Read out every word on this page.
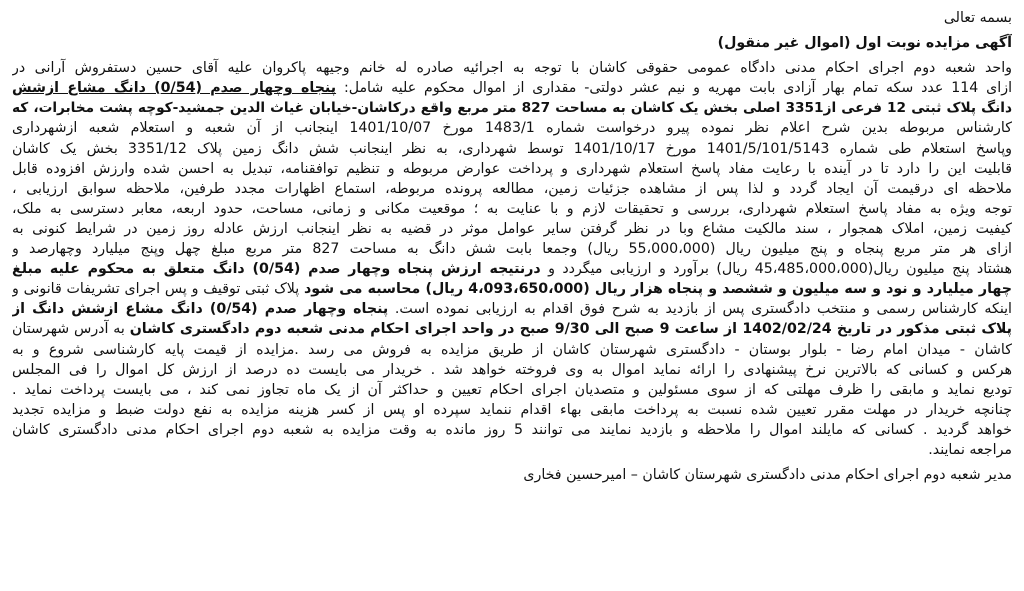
بسمه تعالی
آگهی مزایده نوبت اول (اموال غیر منقول)
واحد شعبه دوم اجرای احکام مدنی دادگاه عمومی حقوقی کاشان با توجه به اجرائیه صادره له خانم وجیهه پاکروان علیه آقای حسین دستفروش آرانی در
ازای 114 عدد سکه تمام بهار آزادی بابت مهریه و نیم عشر دولتی- مقداری از اموال محکوم علیه شامل: پنجاه وچهار صدم (0/54) دانگ مشاع ازشش
دانگ پلاک ثبتی 12 فرعی از3351 اصلی بخش یک کاشان به مساحت 827 متر مربع واقع درکاشان-خیابان غیاث الدین جمشید-کوچه پشت مخابرات، که
کارشناس مربوطه بدین شرح اعلام نظر نموده پیرو درخواست شماره 1483/1 مورخ 1401/10/07 اینجانب از آن شعبه و استعلام شعبه ازشهرداری
وپاسخ استعلام طی شماره 1401/5/101/5143 مورخ 1401/10/17 توسط شهرداری، به نظر اینجانب شش دانگ زمین پلاک 3351/12 بخش یک کاشان
قابلیت این را دارد تا در آینده با رعایت مفاد پاسخ استعلام شهرداری و پرداخت عوارض مربوطه و تنظیم توافقنامه، تبدیل به احسن شده وارزش افزوده قابل
ملاحظه ای درقیمت آن ایجاد گردد و لذا پس از مشاهده جزئیات زمین، مطالعه پرونده مربوطه، استماع اظهارات مجدد طرفین، ملاحظه سوابق ارزیابی ،
توجه ویژه به مفاد پاسخ استعلام شهرداری، بررسی و تحقیقات لازم و با عنایت به ؛ موقعیت مکانی و زمانی، مساحت، حدود اربعه، معابر دسترسی به ملک،
کیفیت زمین، املاک همجوار ، سند مالکیت مشاع وبا در نظر گرفتن سایر عوامل موثر در قضیه به نظر اینجانب ارزش عادله روز زمین در شرایط کنونی به
ازای هر متر مربع پنجاه و پنج میلیون ریال (55،000،000 ریال) وجمعا بابت شش دانگ به مساحت 827 متر مربع مبلغ چهل وپنج میلیارد وچهارصد و
هشتاد پنج میلیون ریال(45،485،000،000 ریال) برآورد و ارزیابی میگردد و درنتیجه ارزش پنجاه وچهار صدم (0/54) دانگ متعلق به محکوم علیه مبلغ
چهار میلیارد و نود و سه میلیون و ششصد و پنجاه هزار ریال (4،093،650،000 ریال) محاسبه می شود پلاک ثبتی توقیف و پس اجرای تشریفات قانونی و
اینکه کارشناس رسمی و منتخب دادگستری پس از بازدید به شرح فوق اقدام به ارزیابی نموده است. پنجاه وچهار صدم (0/54) دانگ مشاع ازشش دانگ از
پلاک ثبتی مذکور در تاریخ 1402/02/24 از ساعت 9 صبح الی 9/30 صبح در واحد اجرای احکام مدنی شعبه دوم دادگستری کاشان به آدرس شهرستان
کاشان - میدان امام رضا - بلوار بوستان - دادگستری شهرستان کاشان از طریق مزایده به فروش می رسد .مزایده از قیمت پایه کارشناسی شروع و به
هرکس و کسانی که بالاترین نرخ پیشنهادی را ارائه نماید اموال به وی فروخته خواهد شد . خریدار می بایست ده درصد از ارزش کل اموال را فی المجلس
تودیع نماید و مابقی را ظرف مهلتی که از سوی مسئولین و متصدیان اجرای احکام تعیین و حداکثر آن از یک ماه تجاوز نمی کند ، می بایست پرداخت نماید .
چنانچه خریدار در مهلت مقرر تعیین شده نسبت به پرداخت مابقی بهاء اقدام ننماید سپرده او پس از کسر هزینه مزایده به نفع دولت ضبط و مزایده تجدید
خواهد گردید . کسانی که مایلند اموال را ملاحظه و بازدید نمایند می توانند 5 روز مانده به وقت مزایده به شعبه دوم اجرای احکام مدنی دادگستری کاشان
مراجعه نمایند.
مدیر شعبه دوم اجرای احکام مدنی دادگستری شهرستان کاشان – امیرحسین فخاری
